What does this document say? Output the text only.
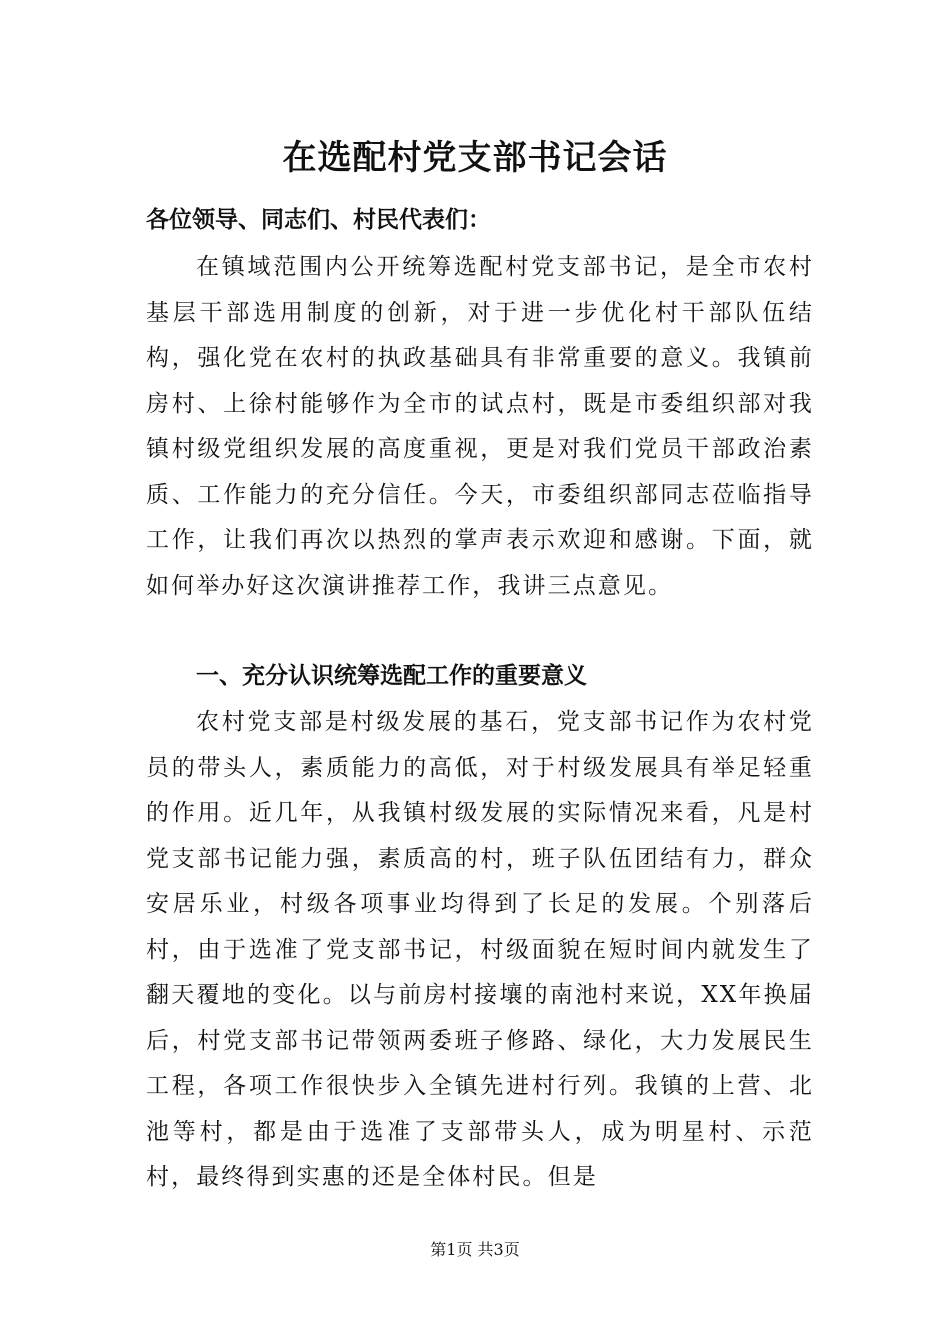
在选配村党支部书记会话
各位领导、同志们、村民代表们：

在镇域范围内公开统筹选配村党支部书记，是全市农村基层干部选用制度的创新，对于进一步优化村干部队伍结构，强化党在农村的执政基础具有非常重要的意义。我镇前房村、上徐村能够作为全市的试点村，既是市委组织部对我镇村级党组织发展的高度重视，更是对我们党员干部政治素质、工作能力的充分信任。今天，市委组织部同志莅临指导工作，让我们再次以热烈的掌声表示欢迎和感谢。下面，就如何举办好这次演讲推荐工作，我讲三点意见。

一、充分认识统筹选配工作的重要意义

农村党支部是村级发展的基石，党支部书记作为农村党员的带头人，素质能力的高低，对于村级发展具有举足轻重的作用。近几年，从我镇村级发展的实际情况来看，凡是村党支部书记能力强，素质高的村，班子队伍团结有力，群众安居乐业，村级各项事业均得到了长足的发展。个别落后村，由于选准了党支部书记，村级面貌在短时间内就发生了翻天覆地的变化。以与前房村接壤的南池村来说，XX年换届后，村党支部书记带领两委班子修路、绿化，大力发展民生工程，各项工作很快步入全镇先进村行列。我镇的上营、北池等村，都是由于选准了支部带头人，成为明星村、示范村，最终得到实惠的还是全体村民。但是

第1页 共3页
